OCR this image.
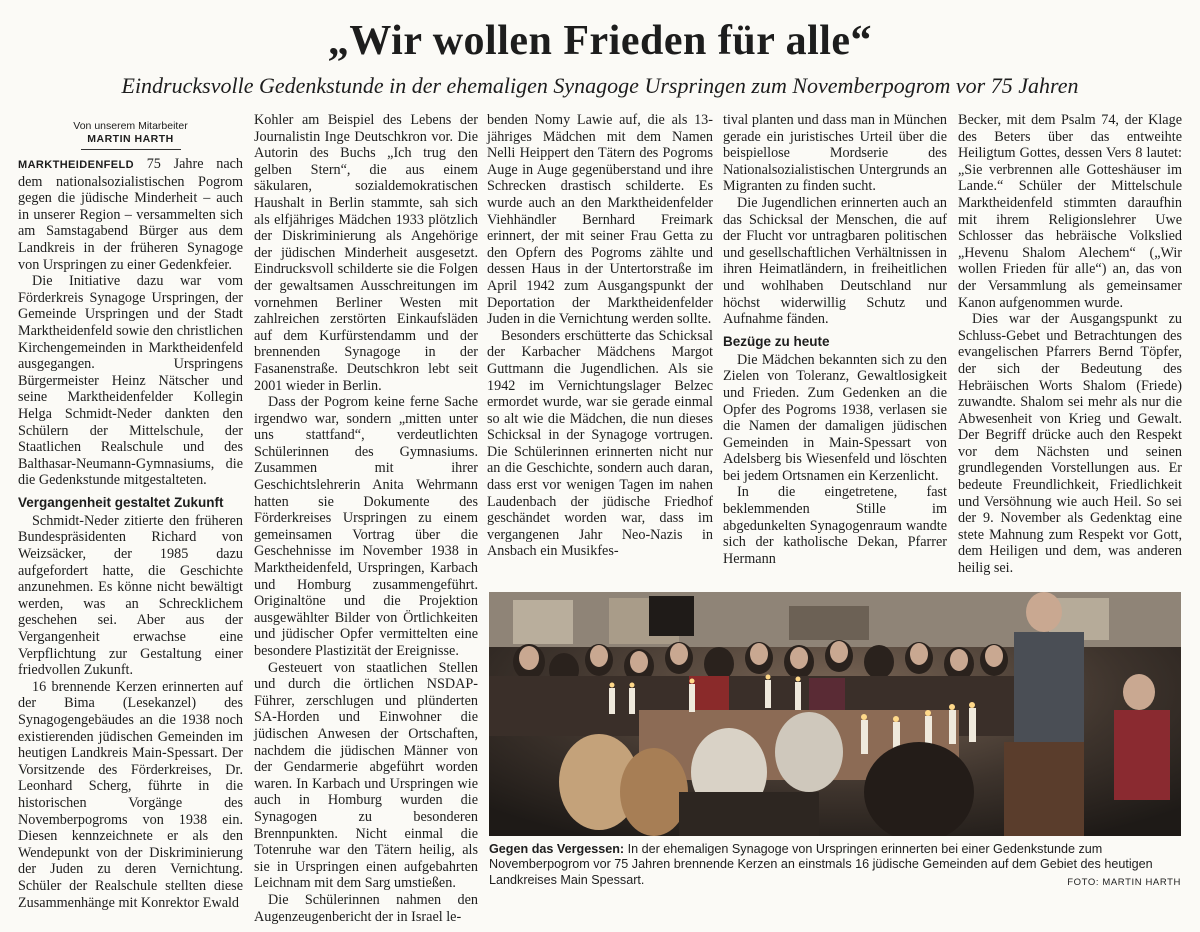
„Wir wollen Frieden für alle“
Eindrucksvolle Gedenkstunde in der ehemaligen Synagoge Urspringen zum Novemberpogrom vor 75 Jahren
Von unserem Mitarbeiter
MARTIN HARTH

MARKTHEIDENFELD 75 Jahre nach dem nationalsozialistischen Pogrom gegen die jüdische Minderheit – auch in unserer Region – versammelten sich am Samstagabend Bürger aus dem Landkreis in der früheren Synagoge von Urspringen zu einer Gedenkfeier.

Die Initiative dazu war vom Förderkreis Synagoge Urspringen, der Gemeinde Urspringen und der Stadt Marktheidenfeld sowie den christlichen Kirchengemeinden in Marktheidenfeld ausgegangen. Urspringens Bürgermeister Heinz Nätscher und seine Marktheidenfelder Kollegin Helga Schmidt-Neder dankten den Schülern der Mittelschule, der Staatlichen Realschule und des Balthasar-Neumann-Gymnasiums, die die Gedenkstunde mitgestalteten.

Vergangenheit gestaltet Zukunft

Schmidt-Neder zitierte den früheren Bundespräsidenten Richard von Weizsäcker, der 1985 dazu aufgefordert hatte, die Geschichte anzunehmen. Es könne nicht bewältigt werden, was an Schrecklichem geschehen sei. Aber aus der Vergangenheit erwachse eine Verpflichtung zur Gestaltung einer friedvollen Zukunft.

16 brennende Kerzen erinnerten auf der Bima (Lesekanzel) des Synagogengebäudes an die 1938 noch existierenden jüdischen Gemeinden im heutigen Landkreis Main-Spessart. Der Vorsitzende des Förderkreises, Dr. Leonhard Scherg, führte in die historischen Vorgänge des Novemberpogroms von 1938 ein. Diesen kennzeichnete er als den Wendepunkt von der Diskriminierung der Juden zu deren Vernichtung. Schüler der Realschule stellten diese Zusammenhänge mit Konrektor Ewald

Kohler am Beispiel des Lebens der Journalistin Inge Deutschkron vor. Die Autorin des Buchs „Ich trug den gelben Stern“, die aus einem säkularen, sozialdemokratischen Haushalt in Berlin stammte, sah sich als elfjähriges Mädchen 1933 plötzlich der Diskriminierung als Angehörige der jüdischen Minderheit ausgesetzt. Eindrucksvoll schilderte sie die Folgen der gewaltsamen Ausschreitungen im vornehmen Berliner Westen mit zahlreichen zerstörten Einkaufsläden auf dem Kurfürstendamm und der brennenden Synagoge in der Fasanenstraße. Deutschkron lebt seit 2001 wieder in Berlin.

Dass der Pogrom keine ferne Sache irgendwo war, sondern „mitten unter uns stattfand“, verdeutlichten Schülerinnen des Gymnasiums. Zusammen mit ihrer Geschichtslehrerin Anita Wehrmann hatten sie Dokumente des Förderkreises Urspringen zu einem gemeinsamen Vortrag über die Geschehnisse im November 1938 in Marktheidenfeld, Urspringen, Karbach und Homburg zusammengeführt. Originaltöne und die Projektion ausgewählter Bilder von Örtlichkeiten und jüdischer Opfer vermittelten eine besondere Plastizität der Ereignisse.

Gesteuert von staatlichen Stellen und durch die örtlichen NSDAP-Führer, zerschlugen und plünderten SA-Horden und Einwohner die jüdischen Anwesen der Ortschaften, nachdem die jüdischen Männer von der Gendarmerie abgeführt worden waren. In Karbach und Urspringen wie auch in Homburg wurden die Synagogen zu besonderen Brennpunkten. Nicht einmal die Totenruhe war den Tätern heilig, als sie in Urspringen einen aufgebahrten Leichnam mit dem Sarg umstießen.

Die Schülerinnen nahmen den Augenzeugenbericht der in Israel le-

benden Nomy Lawie auf, die als 13-jähriges Mädchen mit dem Namen Nelli Heippert den Tätern des Pogroms Auge in Auge gegenüberstand und ihre Schrecken drastisch schilderte. Es wurde auch an den Marktheidenfelder Viehhändler Bernhard Freimark erinnert, der mit seiner Frau Getta zu den Opfern des Pogroms zählte und dessen Haus in der Untertorstraße im April 1942 zum Ausgangspunkt der Deportation der Marktheidenfelder Juden in die Vernichtung werden sollte.

Besonders erschütterte das Schicksal der Karbacher Mädchens Margot Guttmann die Jugendlichen. Als sie 1942 im Vernichtungslager Belzec ermordet wurde, war sie gerade einmal so alt wie die Mädchen, die nun dieses Schicksal in der Synagoge vortrugen. Die Schülerinnen erinnerten nicht nur an die Geschichte, sondern auch daran, dass erst vor wenigen Tagen im nahen Laudenbach der jüdische Friedhof geschändet worden war, dass im vergangenen Jahr Neo-Nazis in Ansbach ein Musikfes-

tival planten und dass man in München gerade ein juristisches Urteil über die beispiellose Mordserie des Nationalsozialistischen Untergrunds an Migranten zu finden sucht.

Die Jugendlichen erinnerten auch an das Schicksal der Menschen, die auf der Flucht vor untragbaren politischen und gesellschaftlichen Verhältnissen in ihren Heimatländern, in freiheitlichen und wohlhaben Deutschland nur höchst widerwillig Schutz und Aufnahme fänden.

Bezüge zu heute

Die Mädchen bekannten sich zu den Zielen von Toleranz, Gewaltlosigkeit und Frieden. Zum Gedenken an die Opfer des Pogroms 1938, verlasen sie die Namen der damaligen jüdischen Gemeinden in Main-Spessart von Adelsberg bis Wiesenfeld und löschten bei jedem Ortsnamen ein Kerzenlicht.

In die eingetretene, fast beklemmenden Stille im abgedunkelten Synagogenraum wandte sich der katholische Dekan, Pfarrer Hermann

Becker, mit dem Psalm 74, der Klage des Beters über das entweihte Heiligtum Gottes, dessen Vers 8 lautet: „Sie verbrennen alle Gotteshäuser im Lande.“ Schüler der Mittelschule Marktheidenfeld stimmten daraufhin mit ihrem Religionslehrer Uwe Schlosser das hebräische Volkslied „Hevenu Shalom Alechem“ („Wir wollen Frieden für alle“) an, das von der Versammlung als gemeinsamer Kanon aufgenommen wurde.

Dies war der Ausgangspunkt zu Schluss-Gebet und Betrachtungen des evangelischen Pfarrers Bernd Töpfer, der sich der Bedeutung des Hebräischen Worts Shalom (Friede) zuwandte. Shalom sei mehr als nur die Abwesenheit von Krieg und Gewalt. Der Begriff drücke auch den Respekt vor dem Nächsten und seinen grundlegenden Vorstellungen aus. Er bedeute Freundlichkeit, Friedlichkeit und Versöhnung wie auch Heil. So sei der 9. November als Gedenktag eine stete Mahnung zum Respekt vor Gott, dem Heiligen und dem, was anderen heilig sei.

Gegen das Vergessen: In der ehemaligen Synagoge von Urspringen erinnerten bei einer Gedenkstunde zum Novemberpogrom vor 75 Jahren brennende Kerzen an einstmals 16 jüdische Gemeinden auf dem Gebiet des heutigen Landkreises Main Spessart.	FOTO: MARTIN HARTH
